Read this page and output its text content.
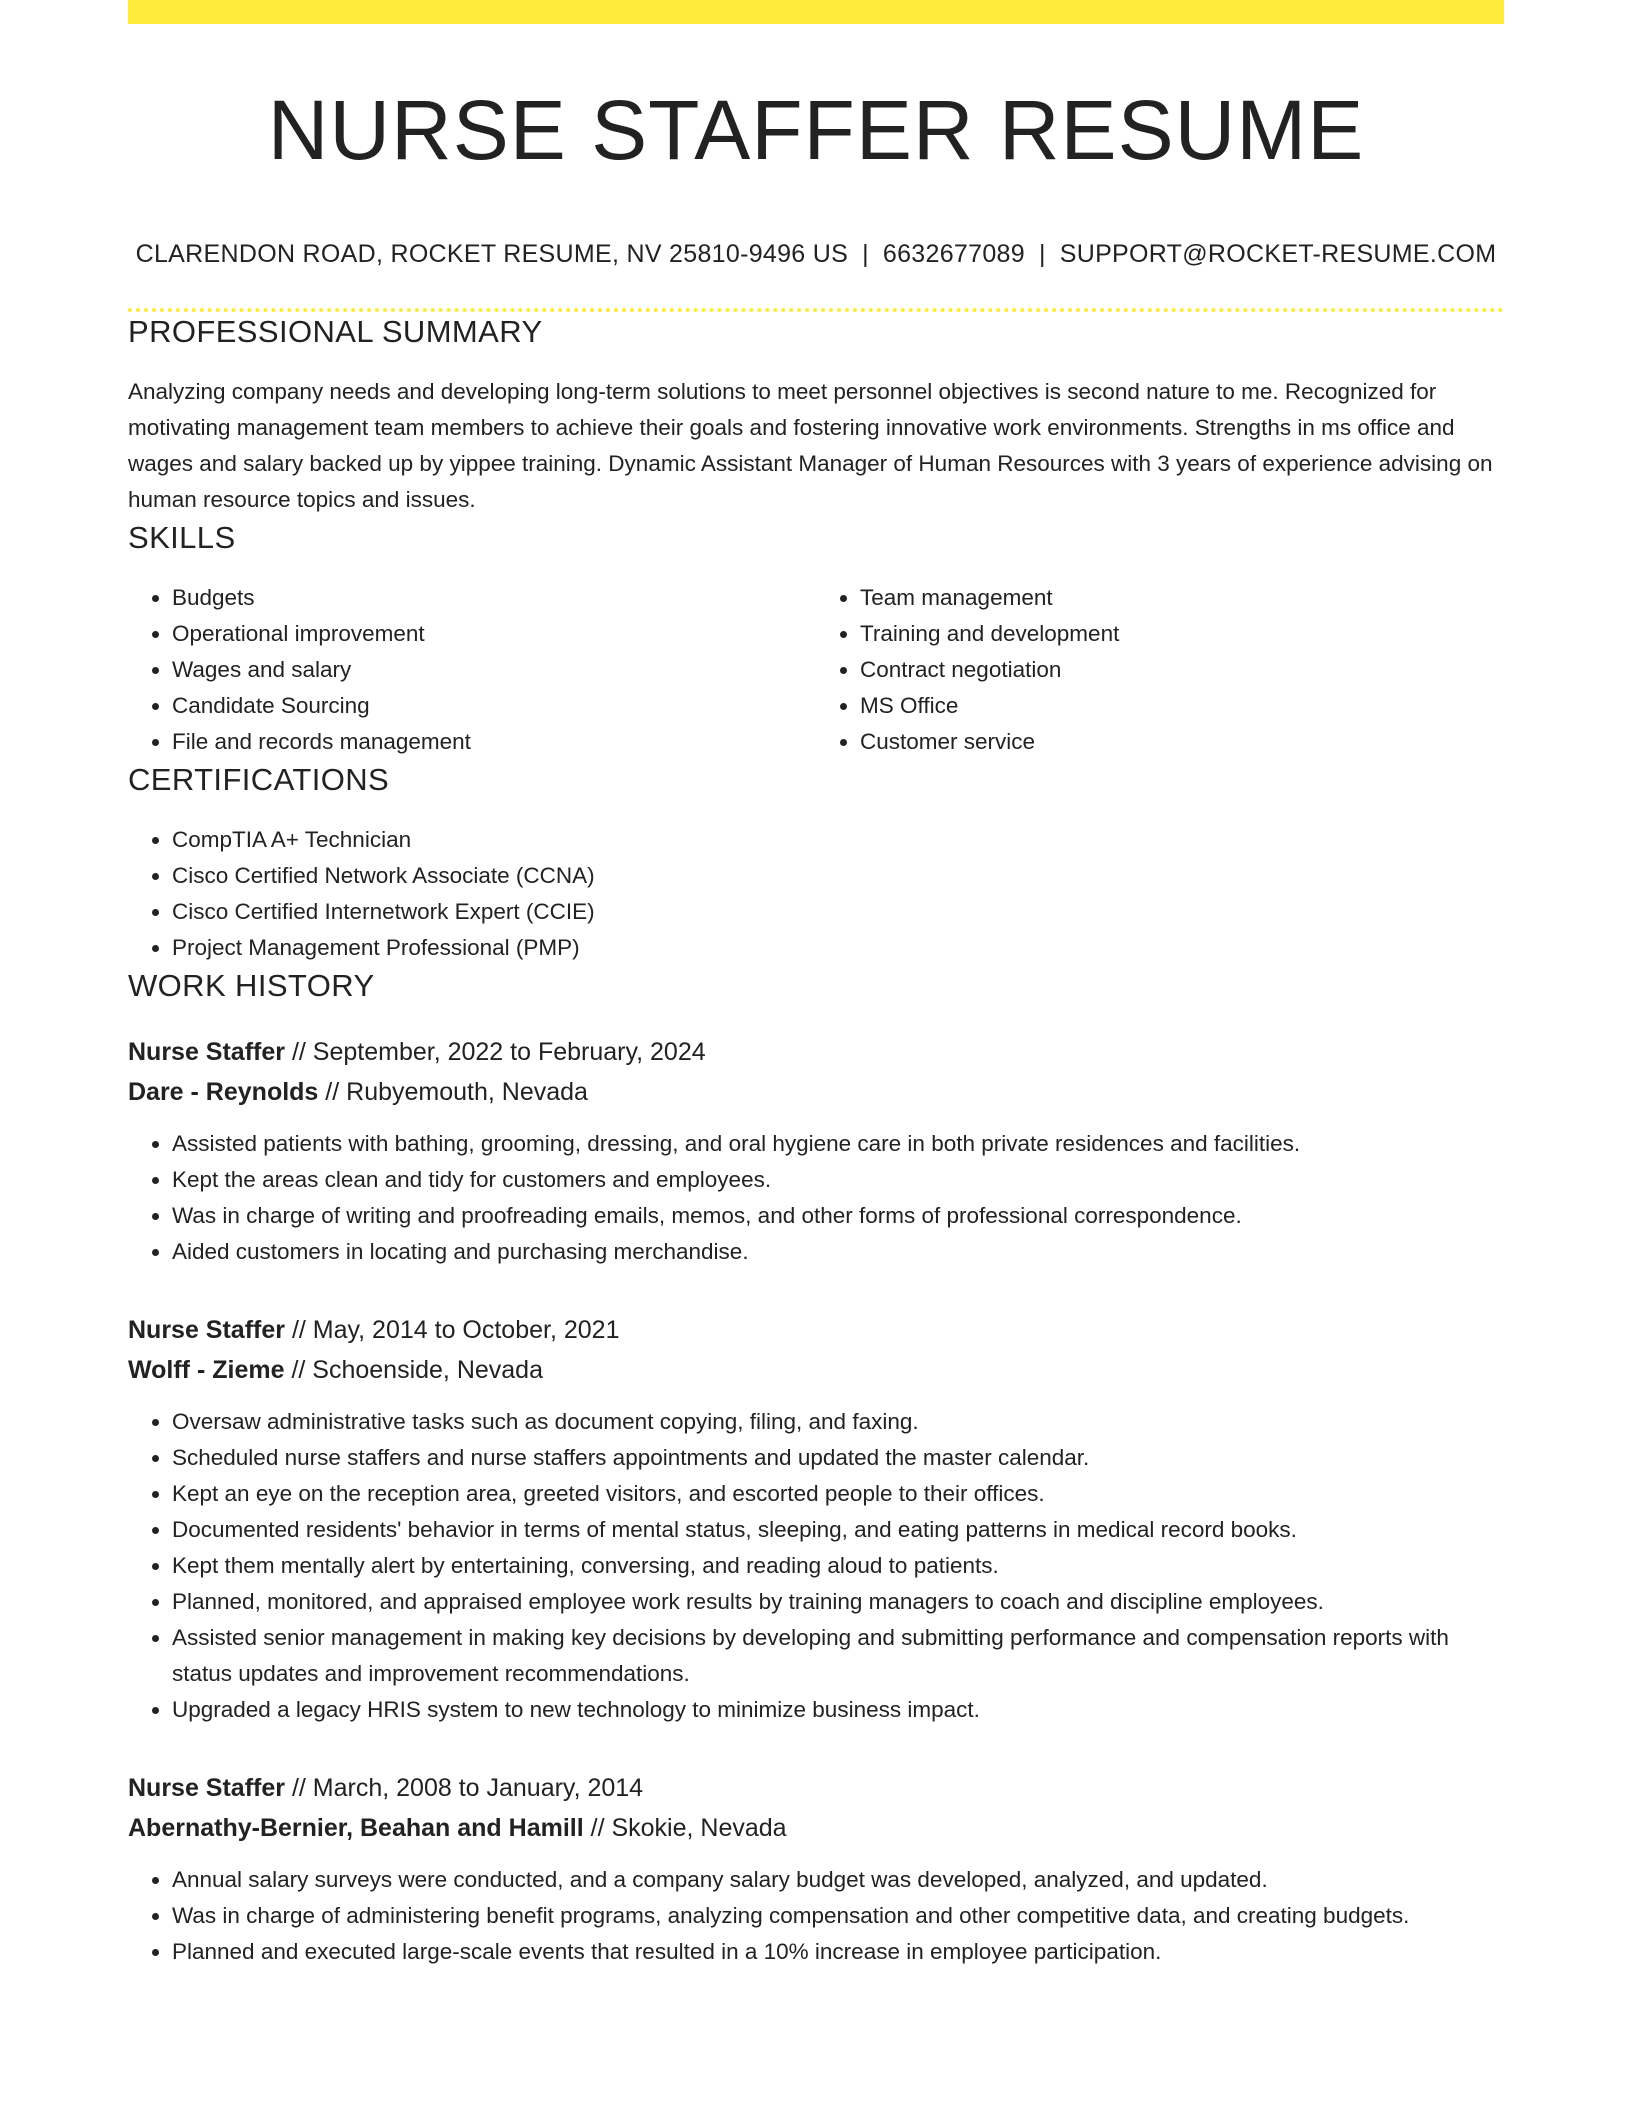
NURSE STAFFER RESUME
CLARENDON ROAD, ROCKET RESUME, NV 25810-9496 US | 6632677089 | SUPPORT@ROCKET-RESUME.COM
PROFESSIONAL SUMMARY

Analyzing company needs and developing long-term solutions to meet personnel objectives is second nature to me. Recognized for motivating management team members to achieve their goals and fostering innovative work environments. Strengths in ms office and wages and salary backed up by yippee training. Dynamic Assistant Manager of Human Resources with 3 years of experience advising on human resource topics and issues.

SKILLS
• Budgets
• Operational improvement
• Wages and salary
• Candidate Sourcing
• File and records management
• Team management
• Training and development
• Contract negotiation
• MS Office
• Customer service
CERTIFICATIONS
• CompTIA A+ Technician
• Cisco Certified Network Associate (CCNA)
• Cisco Certified Internetwork Expert (CCIE)
• Project Management Professional (PMP)
WORK HISTORY
Nurse Staffer // September, 2022 to February, 2024
Dare - Reynolds // Rubyemouth, Nevada
• Assisted patients with bathing, grooming, dressing, and oral hygiene care in both private residences and facilities.
• Kept the areas clean and tidy for customers and employees.
• Was in charge of writing and proofreading emails, memos, and other forms of professional correspondence.
• Aided customers in locating and purchasing merchandise.
Nurse Staffer // May, 2014 to October, 2021
Wolff - Zieme // Schoenside, Nevada
• Oversaw administrative tasks such as document copying, filing, and faxing.
• Scheduled nurse staffers and nurse staffers appointments and updated the master calendar.
• Kept an eye on the reception area, greeted visitors, and escorted people to their offices.
• Documented residents' behavior in terms of mental status, sleeping, and eating patterns in medical record books.
• Kept them mentally alert by entertaining, conversing, and reading aloud to patients.
• Planned, monitored, and appraised employee work results by training managers to coach and discipline employees.
• Assisted senior management in making key decisions by developing and submitting performance and compensation reports with status updates and improvement recommendations.
• Upgraded a legacy HRIS system to new technology to minimize business impact.
Nurse Staffer // March, 2008 to January, 2014
Abernathy-Bernier, Beahan and Hamill // Skokie, Nevada
• Annual salary surveys were conducted, and a company salary budget was developed, analyzed, and updated.
• Was in charge of administering benefit programs, analyzing compensation and other competitive data, and creating budgets.
• Planned and executed large-scale events that resulted in a 10% increase in employee participation.
